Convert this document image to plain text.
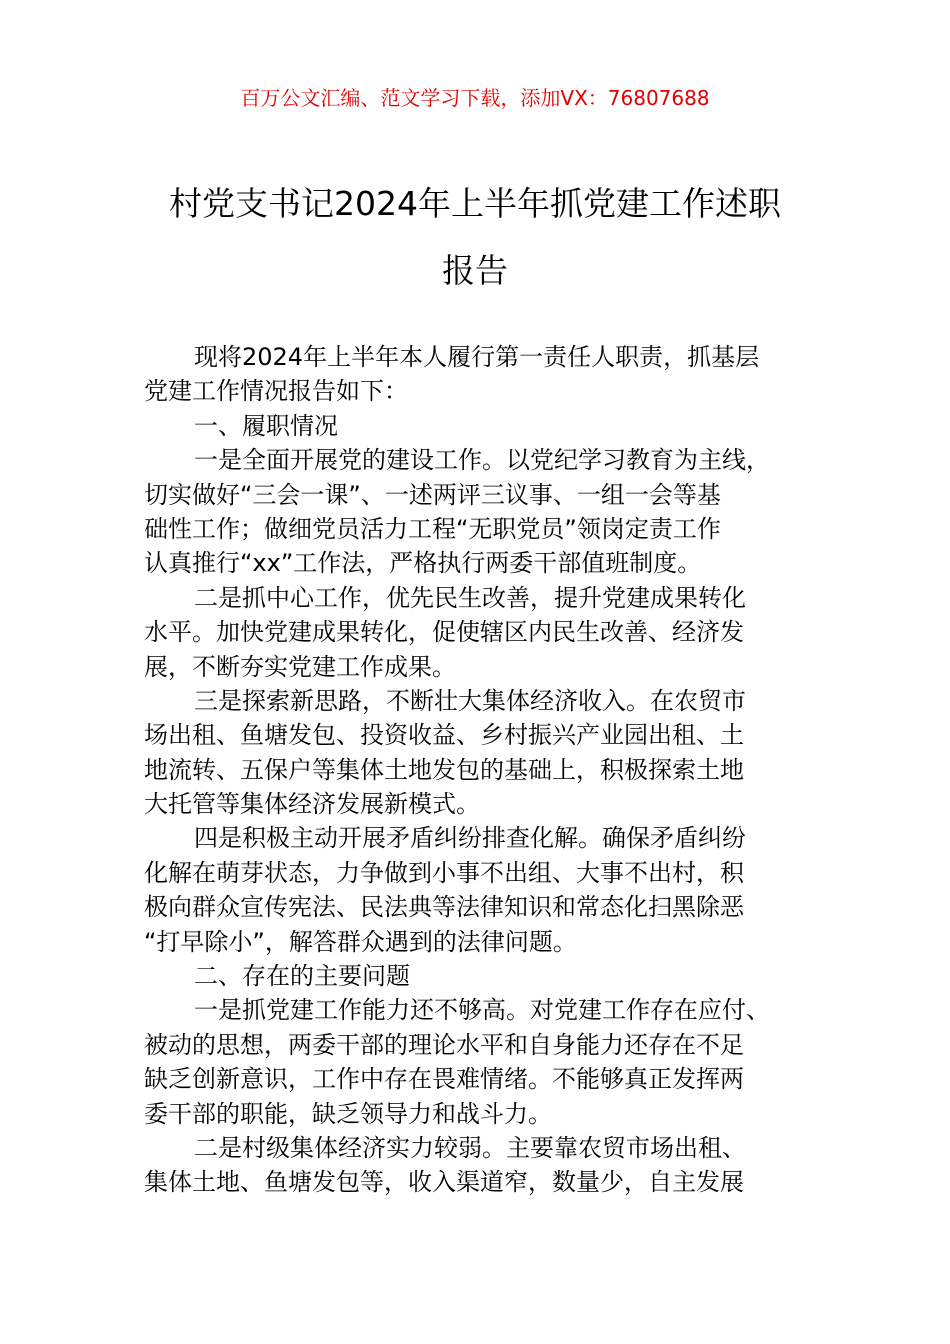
百万公文汇编、范文学习下载，添加VX：76807688
村党支书记2024年上半年抓党建工作述职
报告
现将2024年上半年本人履行第一责任人职责，抓基层
党建工作情况报告如下：
一、履职情况
一是全面开展党的建设工作。以党纪学习教育为主线，
切实做好“三会一课”、一述两评三议事、一组一会等基
础性工作；做细党员活力工程“无职党员”领岗定责工作
认真推行“xx”工作法，严格执行两委干部值班制度。
二是抓中心工作，优先民生改善，提升党建成果转化
水平。加快党建成果转化，促使辖区内民生改善、经济发
展，不断夯实党建工作成果。
三是探索新思路，不断壮大集体经济收入。在农贸市
场出租、鱼塘发包、投资收益、乡村振兴产业园出租、土
地流转、五保户等集体土地发包的基础上，积极探索土地
大托管等集体经济发展新模式。
四是积极主动开展矛盾纠纷排查化解。确保矛盾纠纷
化解在萌芽状态，力争做到小事不出组、大事不出村，积
极向群众宣传宪法、民法典等法律知识和常态化扫黑除恶
“打早除小”，解答群众遇到的法律问题。
二、存在的主要问题
一是抓党建工作能力还不够高。对党建工作存在应付、
被动的思想，两委干部的理论水平和自身能力还存在不足
缺乏创新意识，工作中存在畏难情绪。不能够真正发挥两
委干部的职能，缺乏领导力和战斗力。
二是村级集体经济实力较弱。主要靠农贸市场出租、
集体土地、鱼塘发包等，收入渠道窄，数量少，自主发展
